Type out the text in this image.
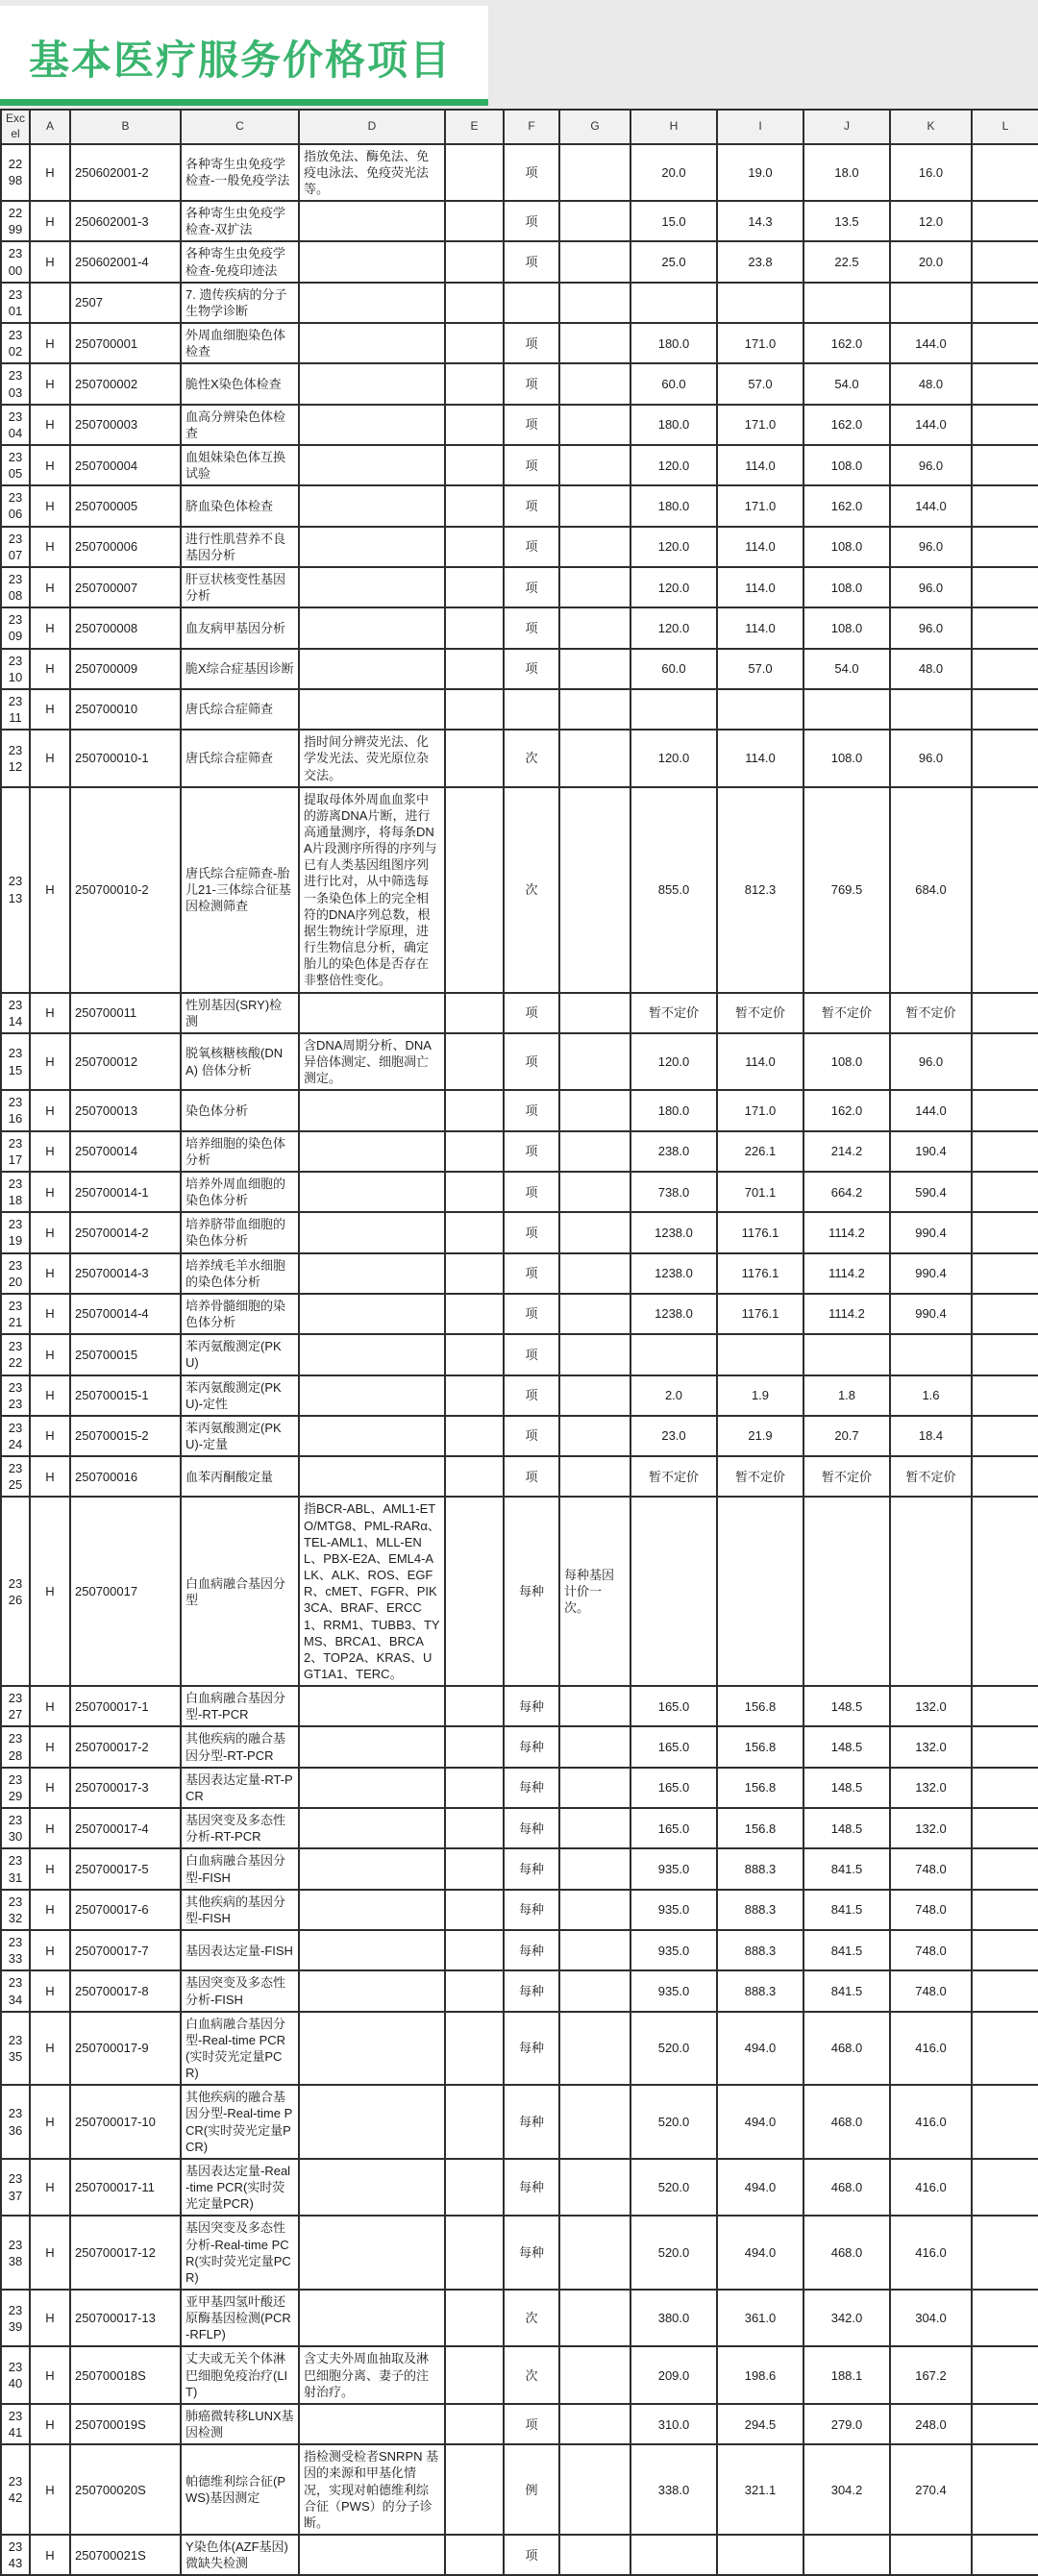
基本医疗服务价格项目
Excel	A	B	C	D	E	F	G	H	I	J	K	L
2298	H	250602001-2	各种寄生虫免疫学检查-一般免疫学法	指放免法、酶免法、免疫电泳法、免疫荧光法等。		项		20.0	19.0	18.0	16.0	
2299	H	250602001-3	各种寄生虫免疫学检查-双扩法			项		15.0	14.3	13.5	12.0	
2300	H	250602001-4	各种寄生虫免疫学检查-免疫印迹法			项		25.0	23.8	22.5	20.0	
2301		2507	7. 遗传疾病的分子生物学诊断									
2302	H	250700001	外周血细胞染色体检查			项		180.0	171.0	162.0	144.0	
2303	H	250700002	脆性X染色体检查			项		60.0	57.0	54.0	48.0	
2304	H	250700003	血高分辨染色体检查			项		180.0	171.0	162.0	144.0	
2305	H	250700004	血姐妹染色体互换试验			项		120.0	114.0	108.0	96.0	
2306	H	250700005	脐血染色体检查			项		180.0	171.0	162.0	144.0	
2307	H	250700006	进行性肌营养不良基因分析			项		120.0	114.0	108.0	96.0	
2308	H	250700007	肝豆状核变性基因分析			项		120.0	114.0	108.0	96.0	
2309	H	250700008	血友病甲基因分析			项		120.0	114.0	108.0	96.0	
2310	H	250700009	脆X综合症基因诊断			项		60.0	57.0	54.0	48.0	
2311	H	250700010	唐氏综合症筛查									
2312	H	250700010-1	唐氏综合症筛查	指时间分辨荧光法、化学发光法、荧光原位杂交法。		次		120.0	114.0	108.0	96.0	
2313	H	250700010-2	唐氏综合症筛查-胎儿21-三体综合征基因检测筛查	提取母体外周血血浆中的游离DNA片断，进行高通量测序，将每条DNA片段测序所得的序列与已有人类基因组图序列进行比对，从中筛选每一条染色体上的完全相符的DNA序列总数，根据生物统计学原理，进行生物信息分析，确定胎儿的染色体是否存在非整倍性变化。		次		855.0	812.3	769.5	684.0	
2314	H	250700011	性别基因(SRY)检测			项		暂不定价	暂不定价	暂不定价	暂不定价	
2315	H	250700012	脱氧核糖核酸(DNA) 倍体分析	含DNA周期分析、DNA异倍体测定、细胞凋亡测定。		项		120.0	114.0	108.0	96.0	
2316	H	250700013	染色体分析			项		180.0	171.0	162.0	144.0	
2317	H	250700014	培养细胞的染色体分析			项		238.0	226.1	214.2	190.4	
2318	H	250700014-1	培养外周血细胞的染色体分析			项		738.0	701.1	664.2	590.4	
2319	H	250700014-2	培养脐带血细胞的染色体分析			项		1238.0	1176.1	1114.2	990.4	
2320	H	250700014-3	培养绒毛羊水细胞的染色体分析			项		1238.0	1176.1	1114.2	990.4	
2321	H	250700014-4	培养骨髓细胞的染色体分析			项		1238.0	1176.1	1114.2	990.4	
2322	H	250700015	苯丙氨酸测定(PKU)			项						
2323	H	250700015-1	苯丙氨酸测定(PKU)-定性			项		2.0	1.9	1.8	1.6	
2324	H	250700015-2	苯丙氨酸测定(PKU)-定量			项		23.0	21.9	20.7	18.4	
2325	H	250700016	血苯丙酮酸定量			项		暂不定价	暂不定价	暂不定价	暂不定价	
2326	H	250700017	白血病融合基因分型	指BCR-ABL、AML1-ETO/MTG8、PML-RARα、TEL-AML1、MLL-ENL、PBX-E2A、EML4-ALK、ALK、ROS、EGFR、cMET、FGFR、PIK3CA、BRAF、ERCC1、RRM1、TUBB3、TYMS、BRCA1、BRCA2、TOP2A、KRAS、UGT1A1、TERC。		每种	每种基因计价一次。					
2327	H	250700017-1	白血病融合基因分型-RT-PCR			每种		165.0	156.8	148.5	132.0	
2328	H	250700017-2	其他疾病的融合基因分型-RT-PCR			每种		165.0	156.8	148.5	132.0	
2329	H	250700017-3	基因表达定量-RT-PCR			每种		165.0	156.8	148.5	132.0	
2330	H	250700017-4	基因突变及多态性分析-RT-PCR			每种		165.0	156.8	148.5	132.0	
2331	H	250700017-5	白血病融合基因分型-FISH			每种		935.0	888.3	841.5	748.0	
2332	H	250700017-6	其他疾病的基因分型-FISH			每种		935.0	888.3	841.5	748.0	
2333	H	250700017-7	基因表达定量-FISH			每种		935.0	888.3	841.5	748.0	
2334	H	250700017-8	基因突变及多态性分析-FISH			每种		935.0	888.3	841.5	748.0	
2335	H	250700017-9	白血病融合基因分型-Real-time PCR(实时荧光定量PCR)			每种		520.0	494.0	468.0	416.0	
2336	H	250700017-10	其他疾病的融合基因分型-Real-time PCR(实时荧光定量PCR)			每种		520.0	494.0	468.0	416.0	
2337	H	250700017-11	基因表达定量-Real-time PCR(实时荧光定量PCR)			每种		520.0	494.0	468.0	416.0	
2338	H	250700017-12	基因突变及多态性分析-Real-time PCR(实时荧光定量PCR)			每种		520.0	494.0	468.0	416.0	
2339	H	250700017-13	亚甲基四氢叶酸还原酶基因检测(PCR-RFLP)			次		380.0	361.0	342.0	304.0	
2340	H	250700018S	丈夫或无关个体淋巴细胞免疫治疗(LIT)	含丈夫外周血抽取及淋巴细胞分离、妻子的注射治疗。		次		209.0	198.6	188.1	167.2	
2341	H	250700019S	肺癌微转移LUNX基因检测			项		310.0	294.5	279.0	248.0	
2342	H	250700020S	帕德维利综合征(PWS)基因测定	指检测受检者SNRPN 基因的来源和甲基化情况，实现对帕德维利综合征（PWS）的分子诊断。		例		338.0	321.1	304.2	270.4	
2343	H	250700021S	Y染色体(AZF基因)微缺失检测			项						
